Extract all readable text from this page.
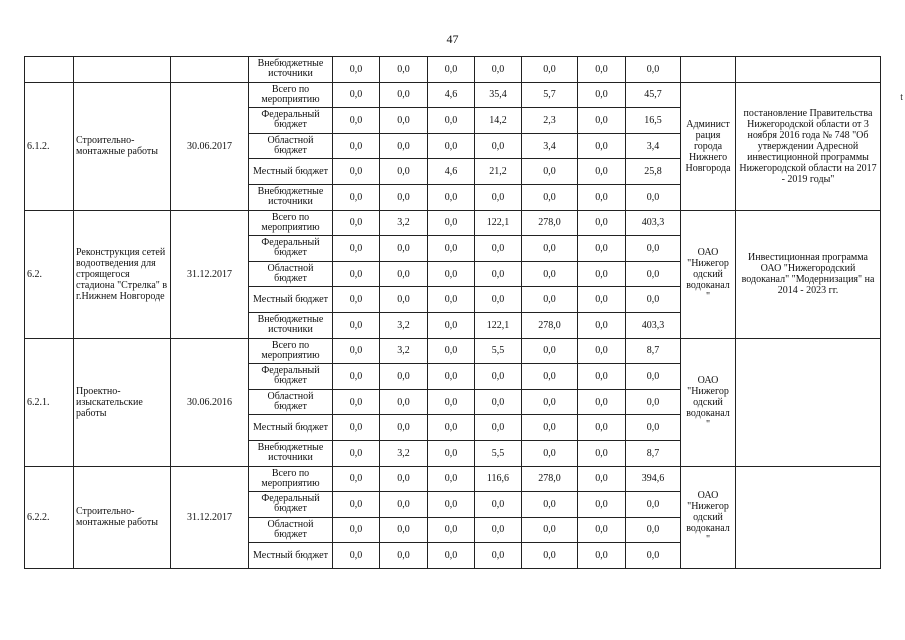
47
t
			Внебюджетные источники	0,0	0,0	0,0	0,0	0,0	0,0	0,0		
6.1.2.	Строительно-монтажные работы	30.06.2017	Всего по мероприятию	0,0	0,0	4,6	35,4	5,7	0,0	45,7	Админист рация города Нижнего Новгорода	постановление Правительства Нижегородской области от 3 ноября 2016 года № 748 "Об утверждении Адресной инвестиционной программы Нижегородской области на 2017 - 2019 годы"
			Федеральный бюджет	0,0	0,0	0,0	14,2	2,3	0,0	16,5		
			Областной бюджет	0,0	0,0	0,0	0,0	3,4	0,0	3,4		
			Местный бюджет	0,0	0,0	4,6	21,2	0,0	0,0	25,8		
			Внебюджетные источники	0,0	0,0	0,0	0,0	0,0	0,0	0,0		
6.2.	Реконструкция сетей водоотведения для строящегося стадиона "Стрелка" в г.Нижнем Новгороде	31.12.2017	Всего по мероприятию	0,0	3,2	0,0	122,1	278,0	0,0	403,3	ОАО "Нижегор одский водоканал "	Инвестиционная программа ОАО "Нижегородский водоканал" "Модернизация" на 2014 - 2023 гг.
			Федеральный бюджет	0,0	0,0	0,0	0,0	0,0	0,0	0,0		
			Областной бюджет	0,0	0,0	0,0	0,0	0,0	0,0	0,0		
			Местный бюджет	0,0	0,0	0,0	0,0	0,0	0,0	0,0		
			Внебюджетные источники	0,0	3,2	0,0	122,1	278,0	0,0	403,3		
6.2.1.	Проектно-изыскательские работы	30.06.2016	Всего по мероприятию	0,0	3,2	0,0	5,5	0,0	0,0	8,7	ОАО "Нижегор одский водоканал "	
			Федеральный бюджет	0,0	0,0	0,0	0,0	0,0	0,0	0,0		
			Областной бюджет	0,0	0,0	0,0	0,0	0,0	0,0	0,0		
			Местный бюджет	0,0	0,0	0,0	0,0	0,0	0,0	0,0		
			Внебюджетные источники	0,0	3,2	0,0	5,5	0,0	0,0	8,7		
6.2.2.	Строительно-монтажные работы	31.12.2017	Всего по мероприятию	0,0	0,0	0,0	116,6	278,0	0,0	394,6	ОАО "Нижегор одский водоканал "	
			Федеральный бюджет	0,0	0,0	0,0	0,0	0,0	0,0	0,0		
			Областной бюджет	0,0	0,0	0,0	0,0	0,0	0,0	0,0		
			Местный бюджет	0,0	0,0	0,0	0,0	0,0	0,0	0,0		
